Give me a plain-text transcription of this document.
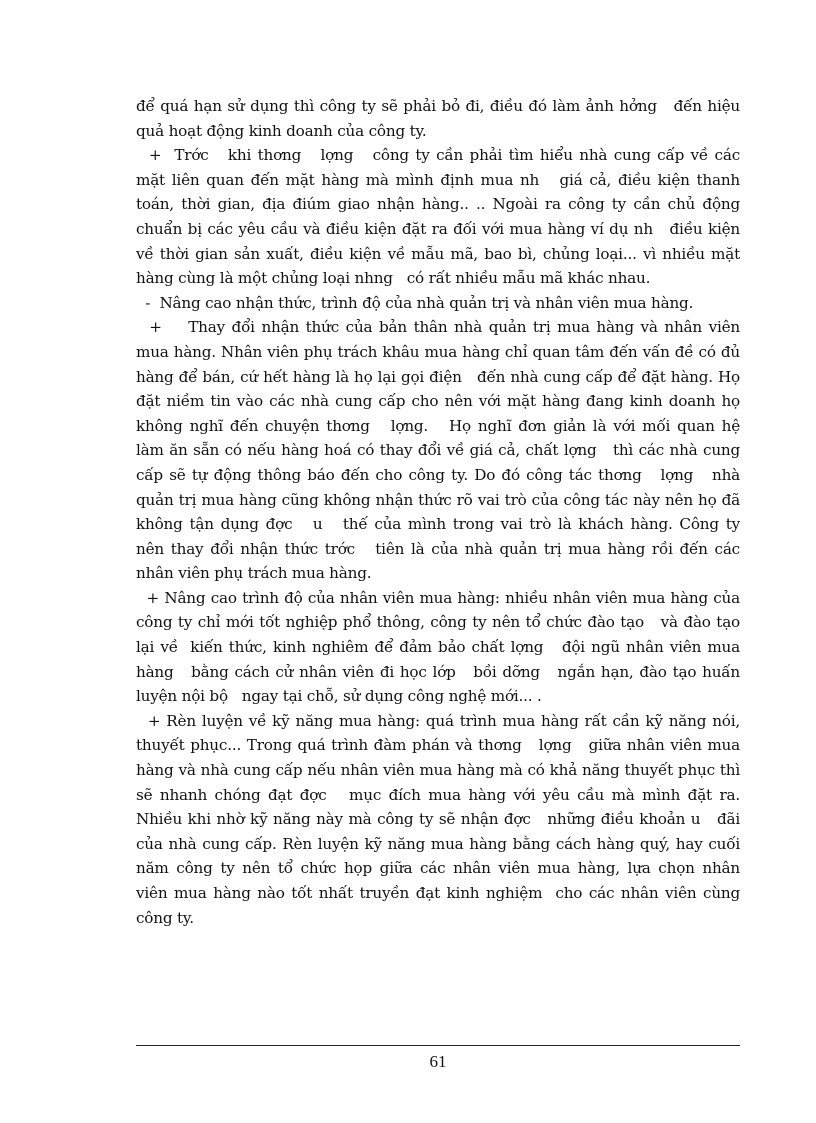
để quá hạn sử dụng thì công ty sẽ phải bỏ đi, điều đó làm ảnh hởng   đến hiệu
quả hoạt động kinh doanh của công ty.
+  Trớc   khi thơng   lợng   công ty cần phải tìm hiểu nhà cung cấp về các
mặt liên quan đến mặt hàng mà mình định mua nh   giá cả, điều kiện thanh
toán, thời gian, địa điúm giao nhận hàng.. .. Ngoài ra công ty cần chủ động
chuẩn bị các yêu cầu và điều kiện đặt ra đối với mua hàng ví dụ nh   điều kiện
về thời gian sản xuất, điều kiện về mẫu mã, bao bì, chủng loại... vì nhiều mặt
hàng cùng là một chủng loại nhng   có rất nhiều mẫu mã khác nhau.
-  Nâng cao nhận thức, trình độ của nhà quản trị và nhân viên mua hàng.
+    Thay đổi nhận thức của bản thân nhà quản trị mua hàng và nhân viên
mua hàng. Nhân viên phụ trách khâu mua hàng chỉ quan tâm đến vấn đề có đủ
hàng để bán, cứ hết hàng là họ lại gọi điện   đến nhà cung cấp để đặt hàng. Họ
đặt niềm tin vào các nhà cung cấp cho nên với mặt hàng đang kinh doanh họ
không nghĩ đến chuyện thơng   lợng.   Họ nghĩ đơn giản là với mối quan hệ
làm ăn sẵn có nếu hàng hoá có thay đổi về giá cả, chất lợng   thì các nhà cung
cấp sẽ tự động thông báo đến cho công ty. Do đó công tác thơng   lợng   nhà
quản trị mua hàng cũng không nhận thức rõ vai trò của công tác này nên họ đã
không tận dụng đợc   u   thế của mình trong vai trò là khách hàng. Công ty
nên thay đổi nhận thức trớc   tiên là của nhà quản trị mua hàng rồi đến các
nhân viên phụ trách mua hàng.
+ Nâng cao trình độ của nhân viên mua hàng: nhiều nhân viên mua hàng của
công ty chỉ mới tốt nghiệp phổ thông, công ty nên tổ chức đào tạo   và đào tạo
lại về  kiến thức, kinh nghiêm để đảm bảo chất lợng   đội ngũ nhân viên mua
hàng   bằng cách cử nhân viên đi học lớp   bồi dỡng   ngắn hạn, đào tạo huấn
luyện nội bộ   ngay tại chỗ, sử dụng công nghệ mới... .
+ Rèn luyện về kỹ năng mua hàng: quá trình mua hàng rất cần kỹ năng nói,
thuyết phục... Trong quá trình đàm phán và thơng   lợng   giữa nhân viên mua
hàng và nhà cung cấp nếu nhân viên mua hàng mà có khả năng thuyết phục thì
sẽ nhanh chóng đạt đợc   mục đích mua hàng với yêu cầu mà mình đặt ra.
Nhiều khi nhờ kỹ năng này mà công ty sẽ nhận đợc   những điều khoản u   đãi
của nhà cung cấp. Rèn luyện kỹ năng mua hàng bằng cách hàng quý, hay cuối
năm công ty nên tổ chức họp giữa các nhân viên mua hàng, lựa chọn nhân
viên mua hàng nào tốt nhất truyền đạt kinh nghiệm  cho các nhân viên cùng
công ty.
61
